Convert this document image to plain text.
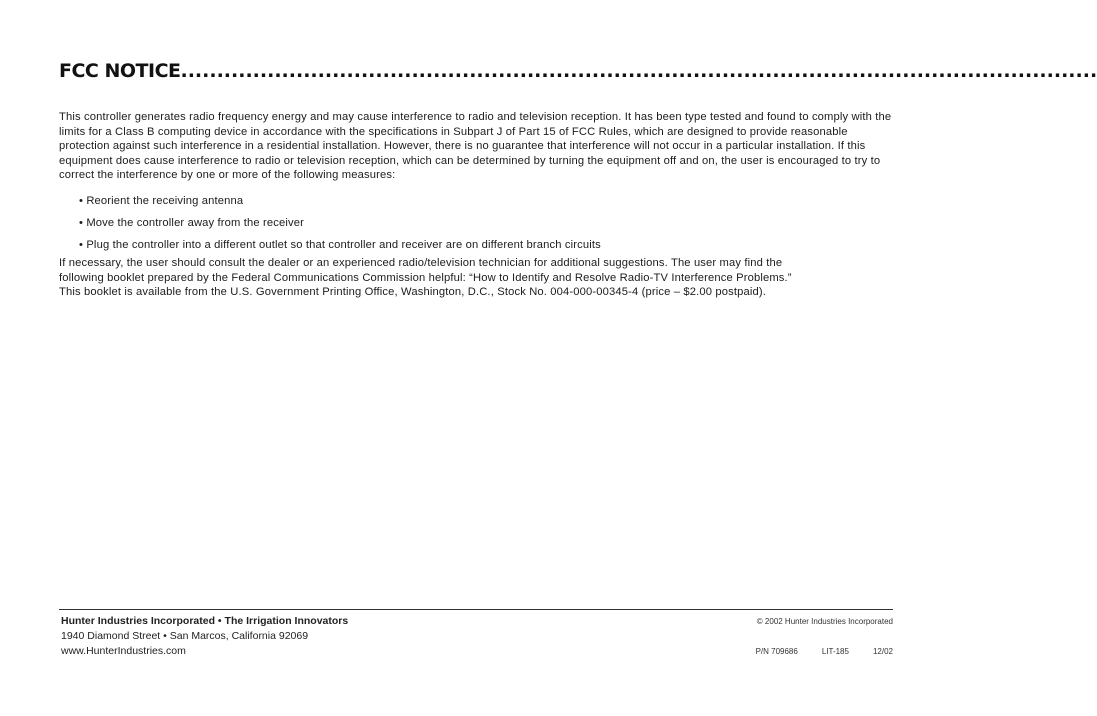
FCC NOTICE...............................................................................................................................

This controller generates radio frequency energy and may cause interference to radio and television reception. It has been type tested and found to comply with the limits for a Class B computing device in accordance with the specifications in Subpart J of Part 15 of FCC Rules, which are designed to provide reasonable protection against such interference in a residential installation. However, there is no guarantee that interference will not occur in a particular installation. If this equipment does cause interference to radio or television reception, which can be determined by turning the equipment off and on, the user is encouraged to try to correct the interference by one or more of the following measures:

• Reorient the receiving antenna
• Move the controller away from the receiver
• Plug the controller into a different outlet so that controller and receiver are on different branch circuits

If necessary, the user should consult the dealer or an experienced radio/television technician for additional suggestions. The user may find the
following booklet prepared by the Federal Communications Commission helpful: “How to Identify and Resolve Radio-TV Interference Problems.”
This booklet is available from the U.S. Government Printing Office, Washington, D.C., Stock No. 004-000-00345-4 (price – $2.00 postpaid).

Hunter Industries Incorporated • The Irrigation Innovators
1940 Diamond Street • San Marcos, California 92069
www.HunterIndustries.com
© 2002 Hunter Industries Incorporated
P/N 709686	LIT-185	12/02
